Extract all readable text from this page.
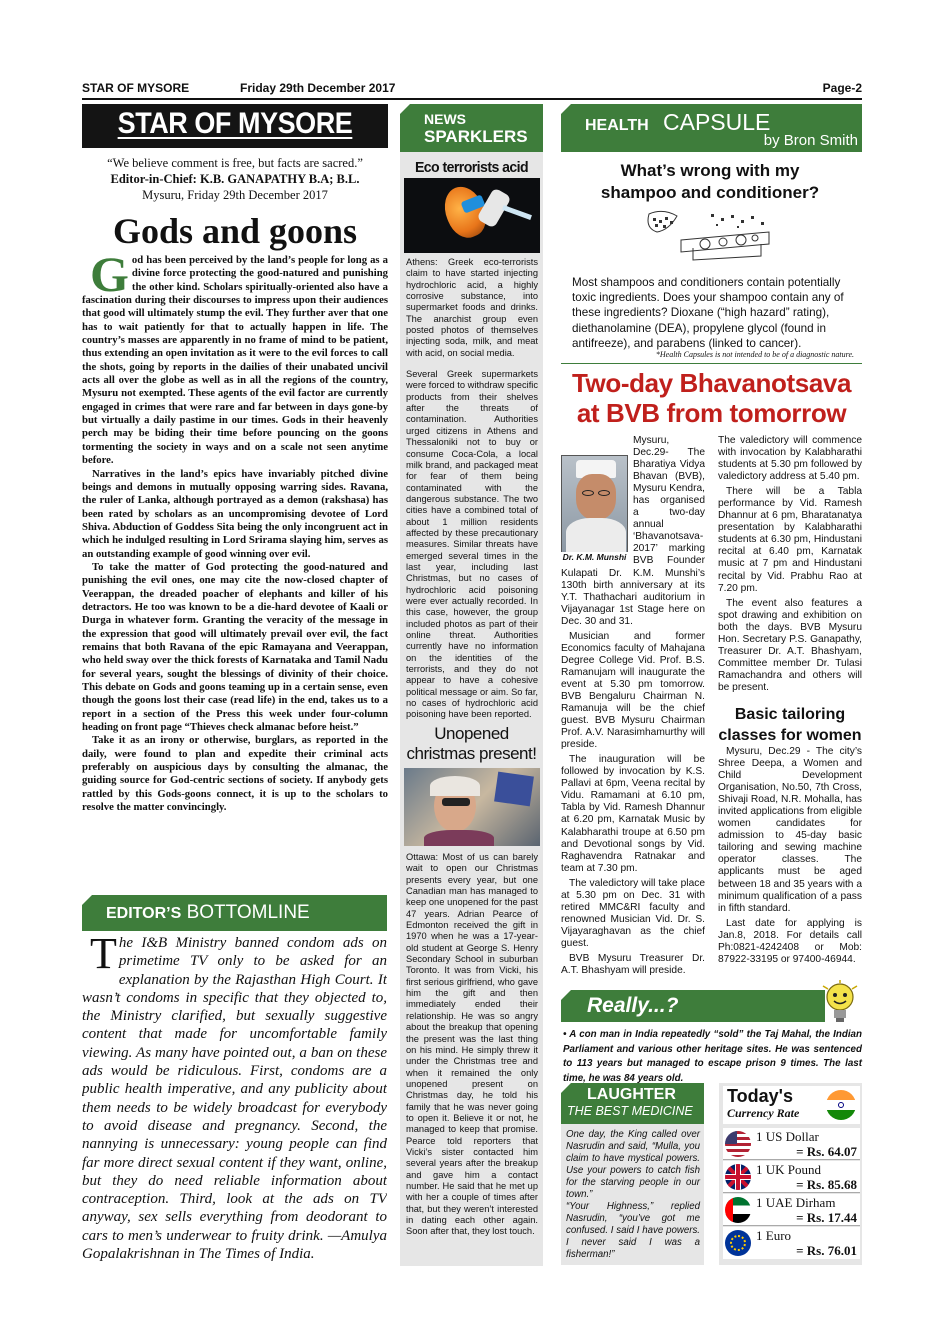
STAR OF MYSORE	Friday 29th December 2017	Page-2
STAR OF MYSORE
“We believe comment is free, but facts are sacred.”
Editor-in-Chief: K.B. GANAPATHY B.A; B.L.
Mysuru, Friday 29th December 2017
Gods and goons
G od has been perceived by the land’s people for long as a divine force protecting the good-natured and punishing the other kind. Scholars spiritually-oriented also have a fascination during their discourses to impress upon their audiences that good will ultimately stump the evil. They further aver that one has to wait patiently for that to actually happen in life. The country’s masses are apparently in no frame of mind to be patient, thus extending an open invitation as it were to the evil forces to call the shots, going by reports in the dailies of their unabated uncivil acts all over the globe as well as in all the regions of the country, Mysuru not exempted. These agents of the evil factor are currently engaged in crimes that were rare and far between in days gone-by but virtually a daily pastime in our times. Gods in their heavenly perch may be biding their time before pouncing on the goons tormenting the society in ways and on a scale not seen anytime before.

Narratives in the land’s epics have invariably pitched divine beings and demons in mutually opposing warring sides. Ravana, the ruler of Lanka, although portrayed as a demon (rakshasa) has been rated by scholars as an uncompromising devotee of Lord Shiva. Abduction of Goddess Sita being the only incongruent act in which he indulged resulting in Lord Srirama slaying him, serves as an outstanding example of good winning over evil.

To take the matter of God protecting the good-natured and punishing the evil ones, one may cite the now-closed chapter of Veerappan, the dreaded poacher of elephants and killer of his detractors. He too was known to be a die-hard devotee of Kaali or Durga in whatever form. Granting the veracity of the message in the expression that good will ultimately prevail over evil, the fact remains that both Ravana of the epic Ramayana and Veerappan, who held sway over the thick forests of Karnataka and Tamil Nadu for several years, sought the blessings of divinity of their choice. This debate on Gods and goons teaming up in a certain sense, even though the goons lost their case (read life) in the end, takes us to a report in a section of the Press this week under four-column heading on front page “Thieves check almanac before heist.”

Take it as an irony or otherwise, burglars, as reported in the daily, were found to plan and expedite their criminal acts preferably on auspicious days by consulting the almanac, the guiding source for God-centric sections of society. If anybody gets rattled by this Gods-goons connect, it is up to the scholars to resolve the matter convincingly.

EDITOR’S BOTTOMLINE
T he I&B Ministry banned condom ads on primetime TV only to be asked for an explanation by the Rajasthan High Court. It wasn’t condoms in specific that they objected to, the Ministry clarified, but sexually suggestive content that made for uncomfortable family viewing. As many have pointed out, a ban on these ads would be ridiculous. First, condoms are a public health imperative, and any publicity about them needs to be widely broadcast for everybody to avoid disease and pregnancy. Second, the nannying is unnecessary: young people can find far more direct sexual content if they want, online, but they do need reliable information about contraception. Third, look at the ads on TV anyway, sex sells everything from deodorant to cars to men’s underwear to fruity drink. —Amulya Gopalakrishnan in The Times of India.

NEWS
SPARKLERS
Eco terrorists acid

Athens: Greek eco-terrorists claim to have started injecting hydrochloric acid, a highly corrosive substance, into supermarket foods and drinks. The anarchist group even posted photos of themselves injecting soda, milk, and meat with acid, on social media.

Several Greek supermarkets were forced to withdraw specific products from their shelves after the threats of contamination. Authorities urged citizens in Athens and Thessaloniki not to buy or consume Coca-Cola, a local milk brand, and packaged meat for fear of them being contaminated with the dangerous substance. The two cities have a combined total of about 1 million residents affected by these precautionary measures. Similar threats have emerged several times in the last year, including last Christmas, but no cases of hydrochloric acid poisoning were ever actually recorded. In this case, however, the group included photos as part of their online threat. Authorities currently have no information on the identities of the terrorists, and they do not appear to have a cohesive political message or aim. So far, no cases of hydrochloric acid poisoning have been reported.

Unopened christmas present!

Ottawa: Most of us can barely wait to open our Christmas presents every year, but one Canadian man has managed to keep one unopened for the past 47 years. Adrian Pearce of Edmonton received the gift in 1970 when he was a 17-year-old student at George S. Henry Secondary School in suburban Toronto. It was from Vicki, his first serious girlfriend, who gave him the gift and then immediately ended their relationship. He was so angry about the breakup that opening the present was the last thing on his mind. He simply threw it under the Christmas tree and when it remained the only unopened present on Christmas day, he told his family that he was never going to open it. Believe it or not, he managed to keep that promise. Pearce told reporters that Vicki’s sister contacted him several years after the breakup and gave him a contact number. He said that he met up with her a couple of times after that, but they weren’t interested in dating each other again. Soon after that, they lost touch.

HEALTH CAPSULE
by Bron Smith
What’s wrong with my shampoo and conditioner?
Most shampoos and conditioners contain potentially toxic ingredients. Does your shampoo contain any of these ingredients? Dioxane (“high hazard” rating), diethanolamine (DEA), propylene glycol (found in antifreeze), and parabens (linked to cancer).
*Health Capsules is not intended to be of a diagnostic nature.
Two-day Bhavanotsava at BVB from tomorrow
Dr. K.M. Munshi

Mysuru, Dec.29- The Bharatiya Vidya Bhavan (BVB), Mysuru Kendra, has organised a two-day annual ‘Bhavanotsava-2017’ marking BVB Founder Kulapati Dr. K.M. Munshi’s 130th birth anniversary at its Y.T. Thathachari auditorium in Vijayanagar 1st Stage here on Dec. 30 and 31.

Musician and former Economics faculty of Mahajana Degree College Vid. Prof. B.S. Ramanujam will inaugurate the event at 5.30 pm tomorrow. BVB Bengaluru Chairman N. Ramanuja will be the chief guest. BVB Mysuru Chairman Prof. A.V. Narasimhamurthy will preside.

The inauguration will be followed by invocation by K.S. Pallavi at 6pm, Veena recital by Vidu. Ramamani at 6.10 pm, Tabla by Vid. Ramesh Dhannur at 6.20 pm, Karnatak Music by Kalabharathi troupe at 6.50 pm and Devotional songs by Vid. Raghavendra Ratnakar and team at 7.30 pm.

The valedictory will take place at 5.30 pm on Dec. 31 with retired MMC&RI faculty and renowned Musician Vid. Dr. S. Vijayaraghavan as the chief guest.

BVB Mysuru Treasurer Dr. A.T. Bhashyam will preside.

The valedictory will commence with invocation by Kalabharathi students at 5.30 pm followed by valedictory address at 5.40 pm.

There will be a Tabla performance by Vid. Ramesh Dhannur at 6 pm, Bharatanatya presentation by Kalabharathi students at 6.30 pm, Hindustani recital at 6.40 pm, Karnatak music at 7 pm and Hindustani recital by Vid. Prabhu Rao at 7.20 pm.

The event also features a spot drawing and exhibition on both the days. BVB Mysuru Hon. Secretary P.S. Ganapathy, Treasurer Dr. A.T. Bhashyam, Committee member Dr. Tulasi Ramachandra and others will be present.

Basic tailoring classes for women

Mysuru, Dec.29 - The city’s Shree Deepa, a Women and Child Development Organisation, No.50, 7th Cross, Shivaji Road, N.R. Mohalla, has invited applications from eligible women candidates for admission to 45-day basic tailoring and sewing machine operator classes. The applicants must be aged between 18 and 35 years with a minimum qualification of a pass in fifth standard.

Last date for applying is Jan.8, 2018. For details call Ph:0821-4242408 or Mob: 87922-33195 or 97400-46944.

Really...?
• A con man in India repeatedly “sold” the Taj Mahal, the Indian Parliament and various other heritage sites. He was sentenced to 113 years but managed to escape prison 9 times. The last time, he was 84 years old.
LAUGHTER
THE BEST MEDICINE

One day, the King called over Nasrudin and said, “Mulla, you claim to have mystical powers. Use your powers to catch fish for the starving people in our town.”

“Your Highness,” replied Nasrudin, “you’ve got me confused. I said I have powers. I never said I was a fisherman!”

Today's
Currency Rate
1 US Dollar
= Rs. 64.07
1 UK Pound
= Rs. 85.68
1 UAE Dirham
= Rs. 17.44
1 Euro
= Rs. 76.01
